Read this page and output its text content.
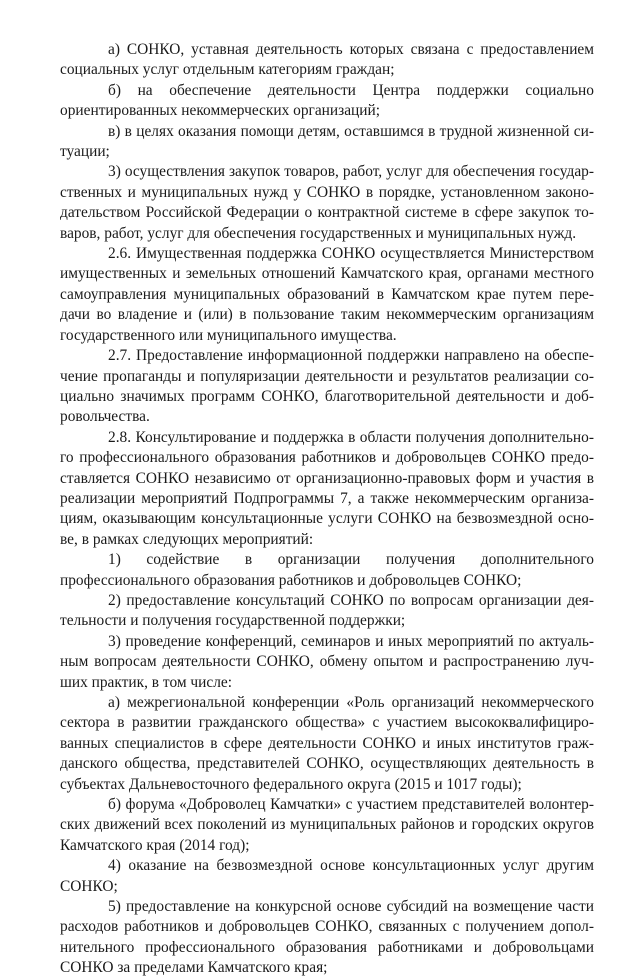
а) СОНКО, уставная деятельность которых связана с предоставлением социальных услуг отдельным категориям граждан;

б) на обеспечение деятельности Центра поддержки социально ориентированных некоммерческих организаций;

в) в целях оказания помощи детям, оставшимся в трудной жизненной ситуации;

3) осуществления закупок товаров, работ, услуг для обеспечения государственных и муниципальных нужд у СОНКО в порядке, установленном законодательством Российской Федерации о контрактной системе в сфере закупок товаров, работ, услуг для обеспечения государственных и муниципальных нужд.

2.6. Имущественная поддержка СОНКО осуществляется Министерством имущественных и земельных отношений Камчатского края, органами местного самоуправления муниципальных образований в Камчатском крае путем передачи во владение и (или) в пользование таким некоммерческим организациям государственного или муниципального имущества.

2.7. Предоставление информационной поддержки направлено на обеспечение пропаганды и популяризации деятельности и результатов реализации социально значимых программ СОНКО, благотворительной деятельности и добровольчества.

2.8. Консультирование и поддержка в области получения дополнительного профессионального образования работников и добровольцев СОНКО предоставляется СОНКО независимо от организационно-правовых форм и участия в реализации мероприятий Подпрограммы 7, а также некоммерческим организациям, оказывающим консультационные услуги СОНКО на безвозмездной основе, в рамках следующих мероприятий:

1) содействие в организации получения дополнительного профессионального образования работников и добровольцев СОНКО;

2) предоставление консультаций СОНКО по вопросам организации деятельности и получения государственной поддержки;

3) проведение конференций, семинаров и иных мероприятий по актуальным вопросам деятельности СОНКО, обмену опытом и распространению лучших практик, в том числе:

а) межрегиональной конференции «Роль организаций некоммерческого сектора в развитии гражданского общества» с участием высококвалифицированных специалистов в сфере деятельности СОНКО и иных институтов гражданского общества, представителей СОНКО, осуществляющих деятельность в субъектах Дальневосточного федерального округа (2015 и 1017 годы);

б) форума «Доброволец Камчатки» с участием представителей волонтерских движений всех поколений из муниципальных районов и городских округов Камчатского края (2014 год);

4) оказание на безвозмездной основе консультационных услуг другим СОНКО;

5) предоставление на конкурсной основе субсидий на возмещение части расходов работников и добровольцев СОНКО, связанных с получением дополнительного профессионального образования работниками и добровольцами СОНКО за пределами Камчатского края;
